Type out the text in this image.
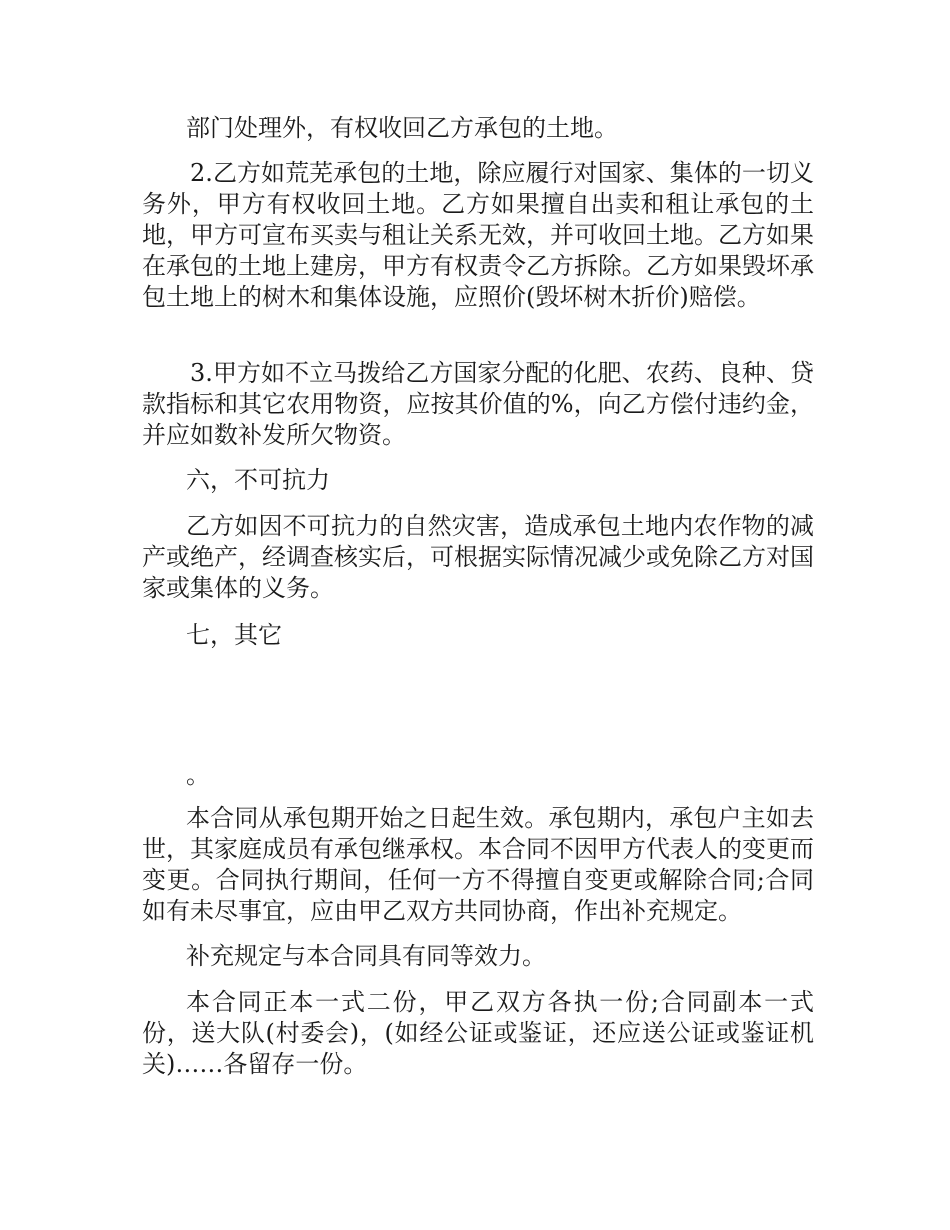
部门处理外，有权收回乙方承包的土地。

2.乙方如荒芜承包的土地，除应履行对国家、集体的一切义务外，甲方有权收回土地。乙方如果擅自出卖和租让承包的土地，甲方可宣布买卖与租让关系无效，并可收回土地。乙方如果在承包的土地上建房，甲方有权责令乙方拆除。乙方如果毁坏承包土地上的树木和集体设施，应照价(毁坏树木折价)赔偿。

3.甲方如不立马拨给乙方国家分配的化肥、农药、良种、贷款指标和其它农用物资，应按其价值的%，向乙方偿付违约金，并应如数补发所欠物资。

六，不可抗力

乙方如因不可抗力的自然灾害，造成承包土地内农作物的减产或绝产，经调查核实后，可根据实际情况减少或免除乙方对国家或集体的义务。

七，其它

。

本合同从承包期开始之日起生效。承包期内，承包户主如去世，其家庭成员有承包继承权。本合同不因甲方代表人的变更而变更。合同执行期间，任何一方不得擅自变更或解除合同;合同如有未尽事宜，应由甲乙双方共同协商，作出补充规定。

补充规定与本合同具有同等效力。

本合同正本一式二份，甲乙双方各执一份;合同副本一式份，送大队(村委会)，(如经公证或鉴证，还应送公证或鉴证机关)……各留存一份。
